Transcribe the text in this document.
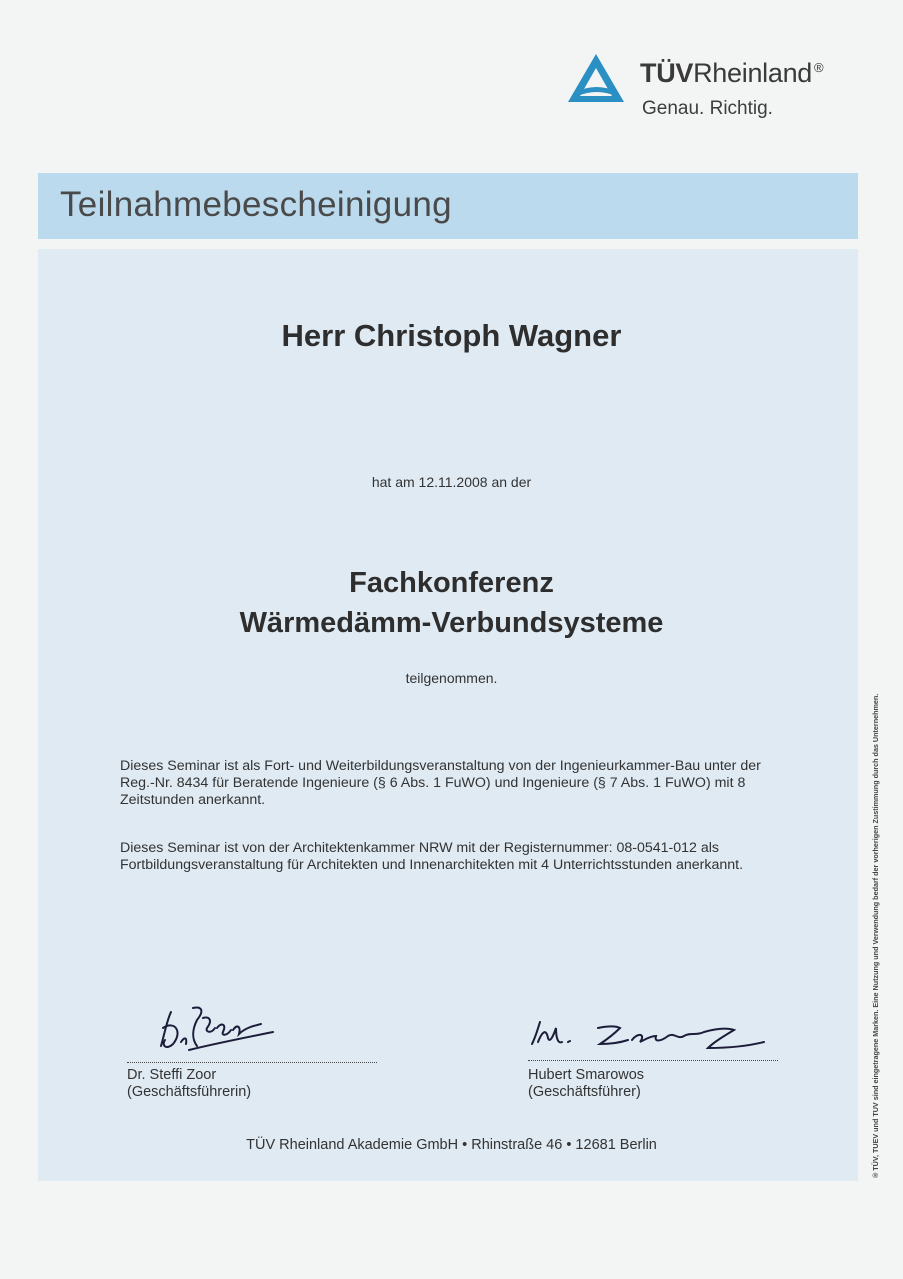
TÜVRheinland ®
Genau. Richtig.
Teilnahmebescheinigung
Herr Christoph Wagner
hat am 12.11.2008 an der
Fachkonferenz
Wärmedämm-Verbundsysteme
teilgenommen.
Dieses Seminar ist als Fort- und Weiterbildungsveranstaltung von der Ingenieurkammer-Bau unter der Reg.-Nr. 8434 für Beratende Ingenieure (§ 6 Abs. 1 FuWO) und Ingenieure (§ 7 Abs. 1 FuWO) mit 8 Zeitstunden anerkannt.
Dieses Seminar ist von der Architektenkammer NRW mit der Registernummer: 08-0541-012 als Fortbildungsveranstaltung für Architekten und Innenarchitekten mit 4 Unterrichtsstunden anerkannt.
Dr. Steffi Zoor
(Geschäftsführerin)
Hubert Smarowos
(Geschäftsführer)
TÜV Rheinland Akademie GmbH • Rhinstraße 46 • 12681 Berlin	® TÜV, TUEV und TUV sind eingetragene Marken. Eine Nutzung und Verwendung bedarf der vorherigen Zustimmung durch das Unternehmen.
